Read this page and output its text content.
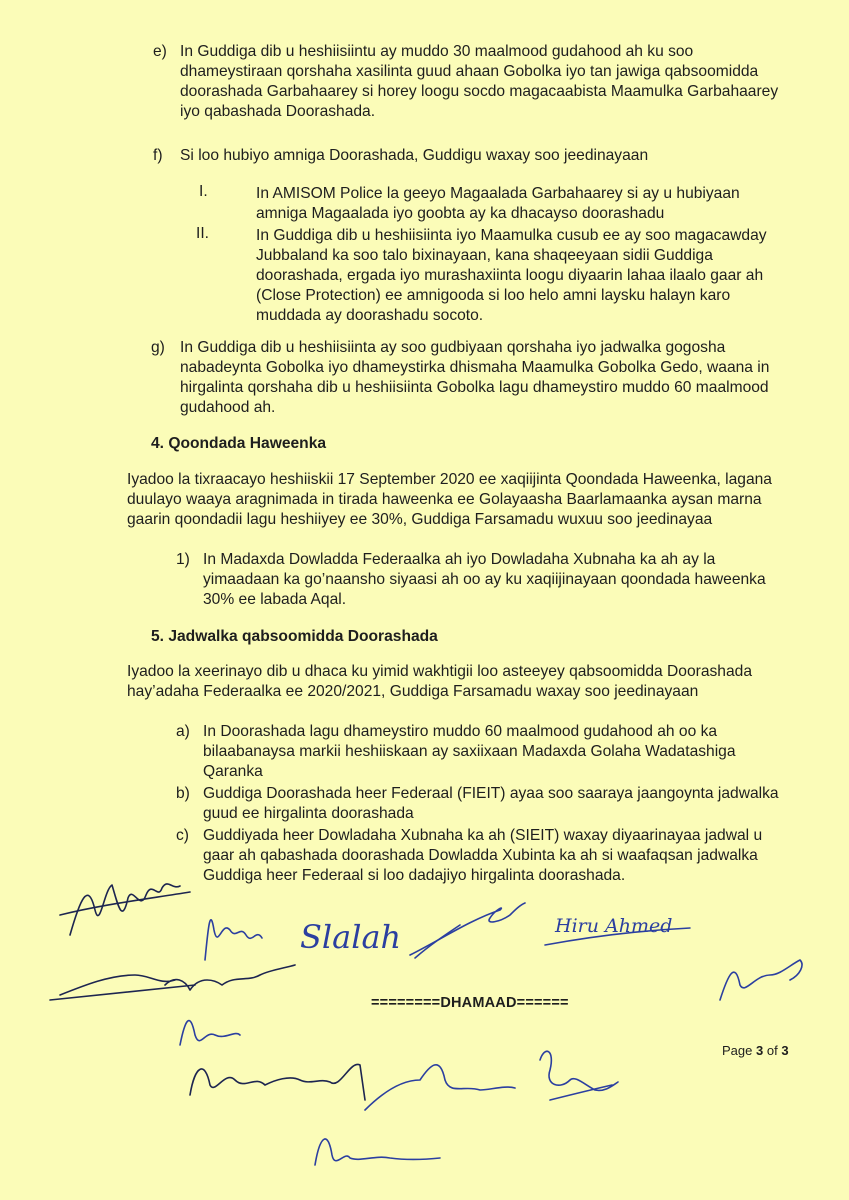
e) In Guddiga dib u heshiisiintu ay muddo 30 maalmood gudahood ah ku soo
dhameystiraan qorshaha xasilinta guud ahaan Gobolka iyo tan jawiga qabsoomidda
doorashada Garbahaarey si horey loogu socdo magacaabista Maamulka Garbahaarey
iyo qabashada Doorashada.
f) Si loo hubiyo amniga Doorashada, Guddigu waxay soo jeedinayaan
I.	In AMISOM Police la geeyo Magaalada Garbahaarey si ay u hubiyaan
amniga Magaalada iyo goobta ay ka dhacayso doorashadu
II.	In Guddiga dib u heshiisiinta iyo Maamulka cusub ee ay soo magacawday
Jubbaland ka soo talo bixinayaan, kana shaqeeyaan sidii Guddiga
doorashada, ergada iyo murashaxiinta loogu diyaarin lahaa ilaalo gaar ah
(Close Protection) ee amnigooda si loo helo amni laysku halayn karo
muddada ay doorashadu socoto.
g) In Guddiga dib u heshiisiinta ay soo gudbiyaan qorshaha iyo jadwalka gogosha
nabadeynta Gobolka iyo dhameystirka dhismaha Maamulka Gobolka Gedo, waana in
hirgalinta qorshaha dib u heshiisiinta Gobolka lagu dhameystiro muddo 60 maalmood
gudahood ah.
4. Qoondada Haweenka
Iyadoo la tixraacayo heshiiskii 17 September 2020 ee xaqiijinta Qoondada Haweenka, lagana
duulayo waaya aragnimada in tirada haweenka ee Golayaasha Baarlamaanka aysan marna
gaarin qoondadii lagu heshiiyey ee 30%, Guddiga Farsamadu wuxuu soo jeedinayaa
1) In Madaxda Dowladda Federaalka ah iyo Dowladaha Xubnaha ka ah ay la
yimaadaan ka go’naansho siyaasi ah oo ay ku xaqiijinayaan qoondada haweenka
30% ee labada Aqal.
5. Jadwalka qabsoomidda Doorashada
Iyadoo la xeerinayo dib u dhaca ku yimid wakhtigii loo asteeyey qabsoomidda Doorashada
hay’adaha Federaalka ee 2020/2021, Guddiga Farsamadu waxay soo jeedinayaan
a) In Doorashada lagu dhameystiro muddo 60 maalmood gudahood ah oo ka
bilaabanaysa markii heshiiskaan ay saxiixaan Madaxda Golaha Wadatashiga
Qaranka
b) Guddiga Doorashada heer Federaal (FIEIT) ayaa soo saaraya jaangoynta jadwalka
guud ee hirgalinta doorashada
c) Guddiyada heer Dowladaha Xubnaha ka ah (SIEIT) waxay diyaarinayaa jadwal u
gaar ah qabashada doorashada Dowladda Xubinta ka ah si waafaqsan jadwalka
Guddiga heer Federaal si loo dadajiyo hirgalinta doorashada.
========DHAMAAD======
Page 3 of 3
Slalah	Hiru Ahmed
